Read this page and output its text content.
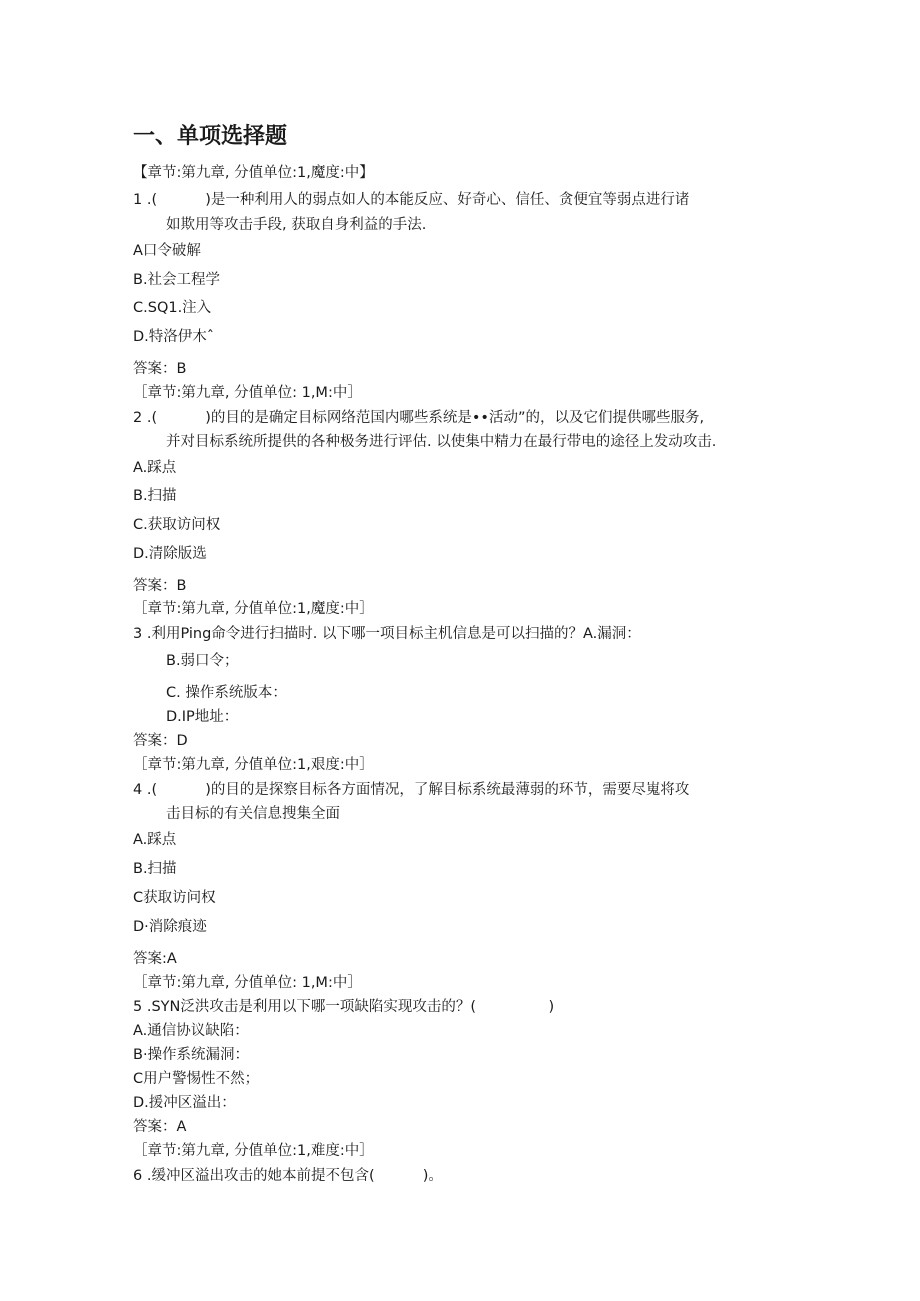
一、单项选择题
【章节:第九章, 分值单位:1,魔度:中】
1 .(　　　 )是一种利用人的弱点如人的本能反应、好奇心、信任、贪便宜等弱点进行诸
如欺用等攻击手段, 获取自身利益的手法.
A口令破解
B.社会工程学
C.SQ1.注入
D.特洛伊木ˆ
答案：B
［章节:第九章, 分值单位: 1,M:中］
2 .(　　　 )的目的是确定目标网络范国内哪些系统是••活动”的，以及它们提供哪些服务,
并对目标系统所提供的各种极务进行评估. 以使集中精力在最行带电的途径上发动攻击.
A.踩点
B.扫描
C.获取访问权
D.清除版选
答案：B
［章节:第九章, 分值单位:1,魔度:中］
3 .利用Ping命令进行扫描时. 以下哪一项目标主机信息是可以扫描的？A.漏洞：
B.弱口令；
C. 操作系统版本：
D.IP地址：
答案：D
［章节:第九章, 分值单位:1,艰度:中］
4 .(　　　 )的目的是探察目标各方面情况，了解目标系统最薄弱的环节，需要尽嵬将攻
击目标的有关信息搜集全面
A.踩点
B.扫描
C获取访问权
D·消除痕迹
答案:A
［章节:第九章, 分值单位: 1,M:中］
5 .SYN泛洪攻击是利用以下哪一项缺陷实现攻击的？(　　　　　)
A.通信协议缺陷：
B·操作系统漏洞：
C用户警惕性不然；
D.援冲区溢出：
答案：A
［章节:第九章, 分值单位:1,难度:中］
6 .缓冲区溢出攻击的她本前提不包含(　　　 )。
